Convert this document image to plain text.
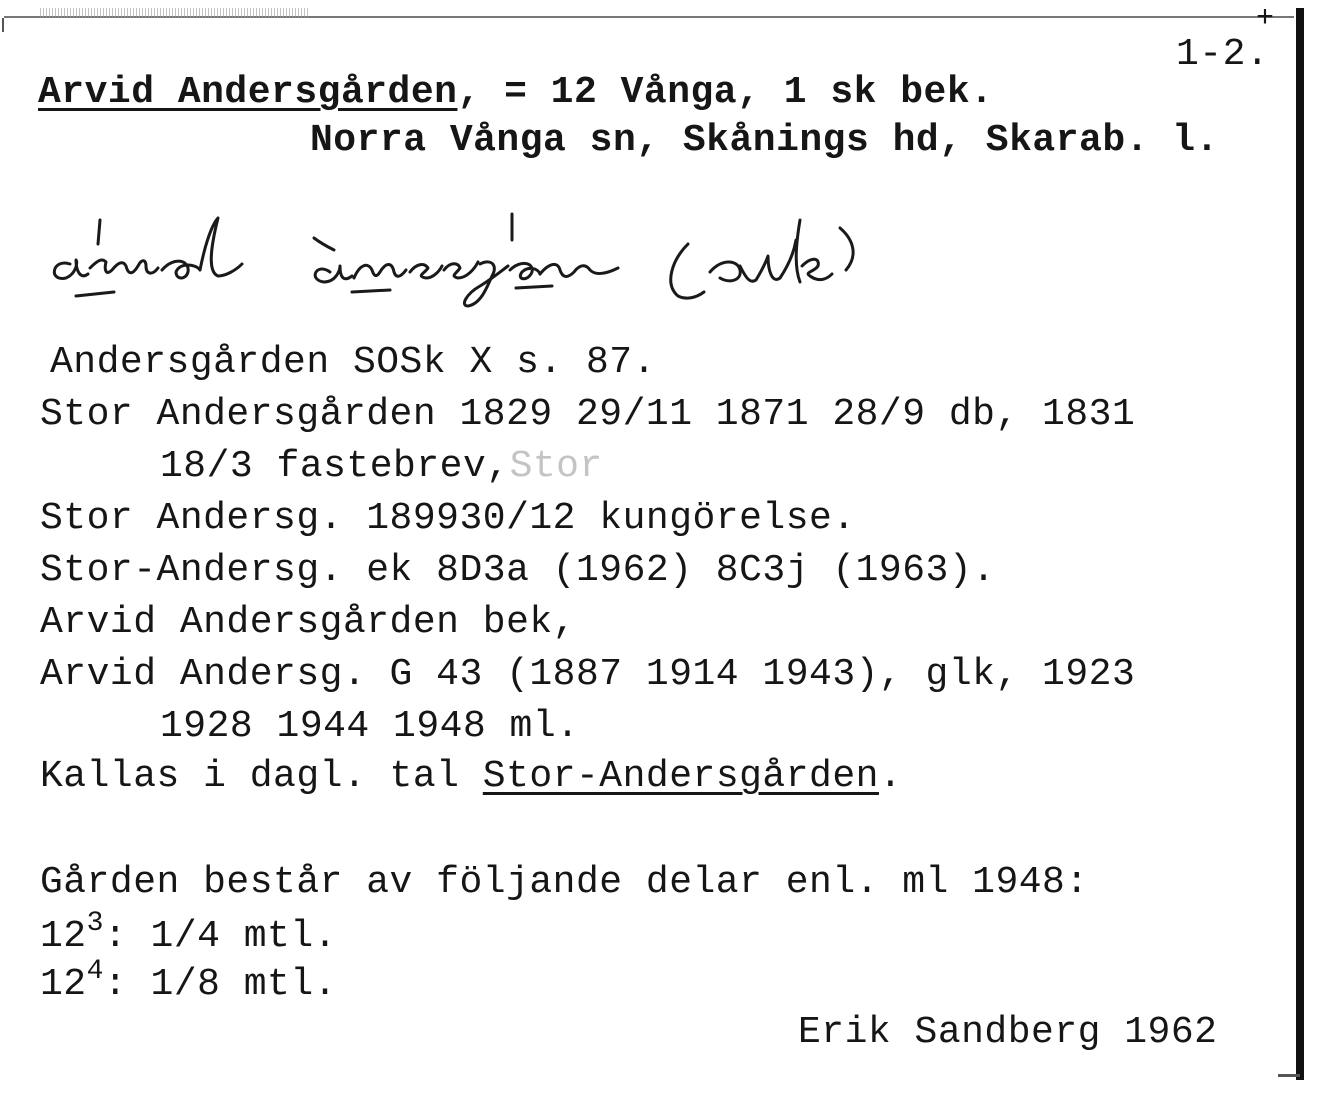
+
1-2.
Arvid Andersgården, = 12 Vånga, 1 sk bek.
Norra Vånga sn, Skånings hd, Skarab. l.
Andersgården SOSk X s. 87.
Stor Andersgården 1829 29/11 1871 28/9 db, 1831
18/3 fastebrev,Stor
Stor Andersg. 189930/12 kungörelse.
Stor-Andersg. ek 8D3a (1962) 8C3j (1963).
Arvid Andersgården bek,
Arvid Andersg. G 43 (1887 1914 1943), glk, 1923
1928 1944 1948 ml.
Kallas i dagl. tal Stor-Andersgården.
Gården består av följande delar enl. ml 1948:
$12^3$: 1/4 mtl.
$12^4$: 1/8 mtl.
Erik Sandberg 1962
